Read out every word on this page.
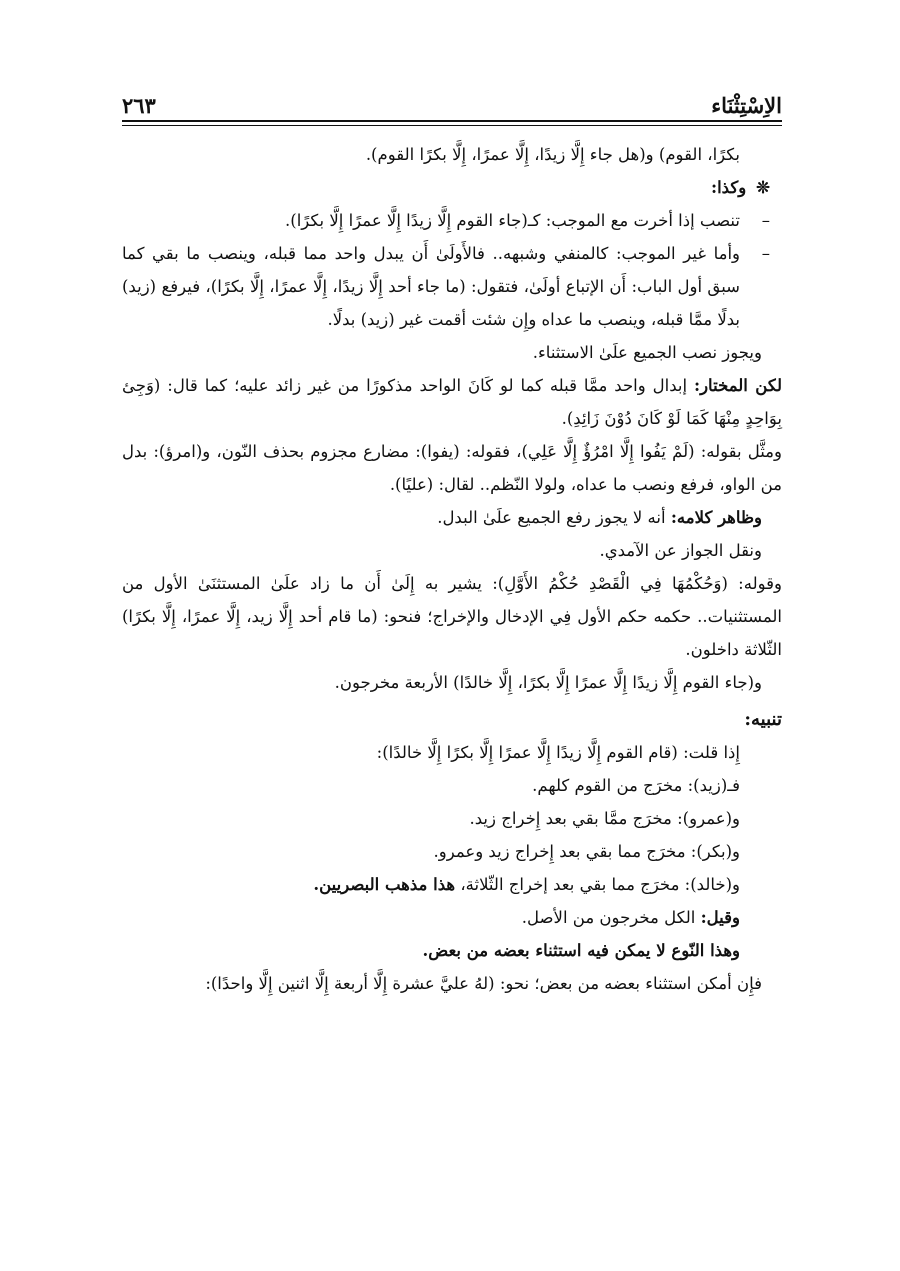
٢٦٣	الاِسْتِثْنَاء

بكرًا، القوم) و(هل جاء إِلَّا زيدًا، إِلَّا عمرًا، إِلَّا بكرًا القوم).

❊وكذا:

– تنصب إذا أخرت مع الموجب: كـ(جاء القوم إِلَّا زيدًا إِلَّا عمرًا إِلَّا بكرًا).

– وأما غير الموجب: كالمنفي وشبهه.. فالأَولَىٰ أَن يبدل واحد مما قبله، وينصب ما بقي كما سبق أول الباب: أَن الإتباع أولَىٰ، فتقول: (ما جاء أحد إِلَّا زيدًا، إِلَّا عمرًا، إِلَّا بكرًا)، فيرفع (زيد) بدلًا ممَّا قبله، وينصب ما عداه وإِن شئت أقمت غير (زيد) بدلًا.

ويجوز نصب الجميع علَىٰ الاستثناء.

لكن المختار: إبدال واحد ممَّا قبله كما لو كَانَ الواحد مذكورًا من غير زائد عليه؛ كما قال: (وَجِئ بِوَاحِدٍ مِنْهَا كَمَا لَوْ كَانَ دُوْنَ زَائِدِ).

ومثَّل بقوله: (لَمْ يَفُوا إِلَّا امْرُؤٌ إِلَّا عَلِي)، فقوله: (يفوا): مضارع مجزوم بحذف النّون، و(امرؤ): بدل من الواو، فرفع ونصب ما عداه، ولولا النّظم.. لقال: (عليًا).

وظاهر كلامه: أنه لا يجوز رفع الجميع علَىٰ البدل.

ونقل الجواز عن الآمدي.

وقوله: (وَحُكْمُهَا فِي الْقَصْدِ حُكْمُ الأَوَّلِ): يشير به إِلَىٰ أَن ما زاد علَىٰ المستثنَىٰ الأول من المستثنيات.. حكمه حكم الأول فِي الإدخال والإخراج؛ فنحو: (ما قام أحد إِلَّا زيد، إِلَّا عمرًا، إِلَّا بكرًا) الثّلاثة داخلون.

و(جاء القوم إِلَّا زيدًا إِلَّا عمرًا إِلَّا بكرًا، إِلَّا خالدًا) الأربعة مخرجون.

تنبيه:

إِذا قلت: (قام القوم إِلَّا زيدًا إِلَّا عمرًا إِلَّا بكرًا إِلَّا خالدًا):

فـ(زيد): مخرَج من القوم كلهم.

و(عمرو): مخرَج ممَّا بقي بعد إِخراج زيد.

و(بكر): مخرَج مما بقي بعد إِخراج زيد وعمرو.

و(خالد): مخرَج مما بقي بعد إخراج الثّلاثة، هذا مذهب البصريين.

وقيل: الكل مخرجون من الأصل.

وهذا النّوع لا يمكن فيه استثناء بعضه من بعض.

فإِن أمكن استثناء بعضه من بعض؛ نحو: (لهُ عليَّ عشرة إِلَّا أربعة إِلَّا اثنين إِلَّا واحدًا):
